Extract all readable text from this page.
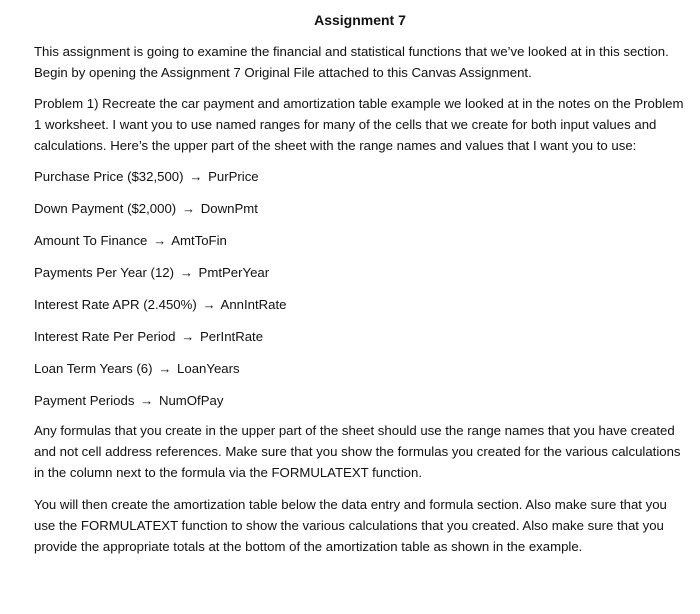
Assignment 7

This assignment is going to examine the financial and statistical functions that we’ve looked at in this section. Begin by opening the Assignment 7 Original File attached to this Canvas Assignment.

Problem 1) Recreate the car payment and amortization table example we looked at in the notes on the Problem 1 worksheet. I want you to use named ranges for many of the cells that we create for both input values and calculations. Here’s the upper part of the sheet with the range names and values that I want you to use:

Purchase Price ($32,500) → PurPrice
Down Payment ($2,000) → DownPmt
Amount To Finance → AmtToFin
Payments Per Year (12) → PmtPerYear
Interest Rate APR (2.450%) → AnnIntRate
Interest Rate Per Period → PerIntRate
Loan Term Years (6) → LoanYears
Payment Periods → NumOfPay

Any formulas that you create in the upper part of the sheet should use the range names that you have created and not cell address references. Make sure that you show the formulas you created for the various calculations in the column next to the formula via the FORMULATEXT function.

You will then create the amortization table below the data entry and formula section. Also make sure that you use the FORMULATEXT function to show the various calculations that you created. Also make sure that you provide the appropriate totals at the bottom of the amortization table as shown in the example.
